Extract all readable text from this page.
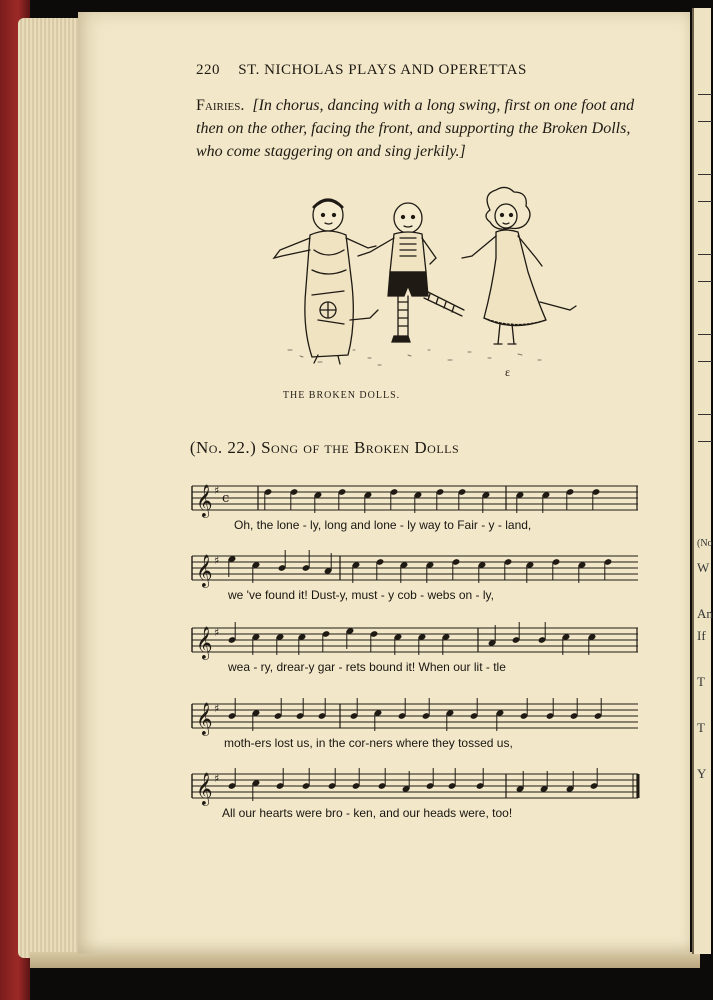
(No
W
An
If
T
T
Y
220 ST. NICHOLAS PLAYS AND OPERETTAS
Fairies. [In chorus, dancing with a long swing, first on one foot and then on the other, facing the front, and supporting the Broken Dolls, who come staggering on and sing jerkily.]
ε
THE BROKEN DOLLS.
(No. 22.) Song of the Broken Dolls
𝄞 ♯
c
Oh, the lone - ly, long and lone - ly way to Fair - y - land,
𝄞 ♯
we 've found it! Dust-y, must - y cob - webs on - ly,
𝄞 ♯
wea - ry, drear-y gar - rets bound it! When our lit - tle
𝄞 ♯
moth-ers lost us, in the cor-ners where they tossed us,
𝄞 ♯
All our hearts were bro - ken, and our heads were, too!
